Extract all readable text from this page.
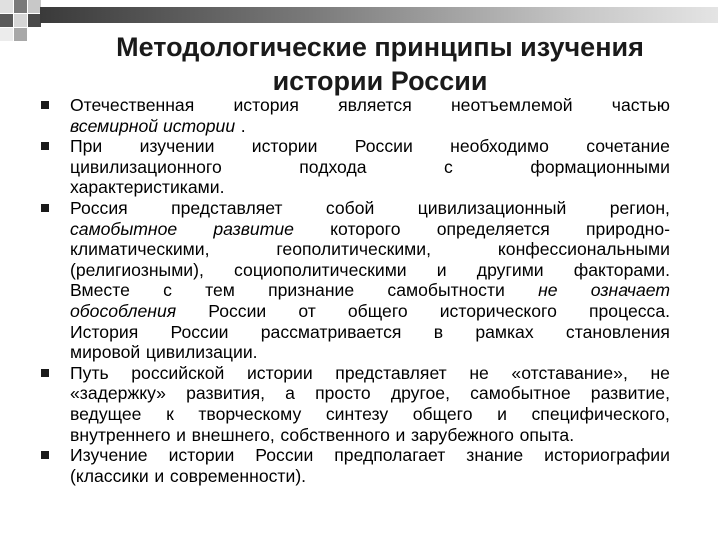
Методологические принципы изучения
истории России
Отечественная история является неотъемлемой частью
всемирной истории .
При изучении истории России необходимо сочетание
цивилизационного	подхода	с	формационными
характеристиками.
Россия представляет собой цивилизационный регион,
самобытное развитие которого определяется природно-
климатическими,	геополитическими,	конфессиональными
(религиозными), социополитическими и другими факторами.
Вместе с тем признание самобытности не означает
обособления России от общего исторического процесса.
История России рассматривается в рамках становления
мировой цивилизации.
Путь российской истории представляет не «отставание», не
«задержку» развития, а просто другое, самобытное развитие,
ведущее к творческому синтезу общего и специфического,
внутреннего и внешнего, собственного и зарубежного опыта.
Изучение истории России предполагает знание историографии
(классики и современности).
